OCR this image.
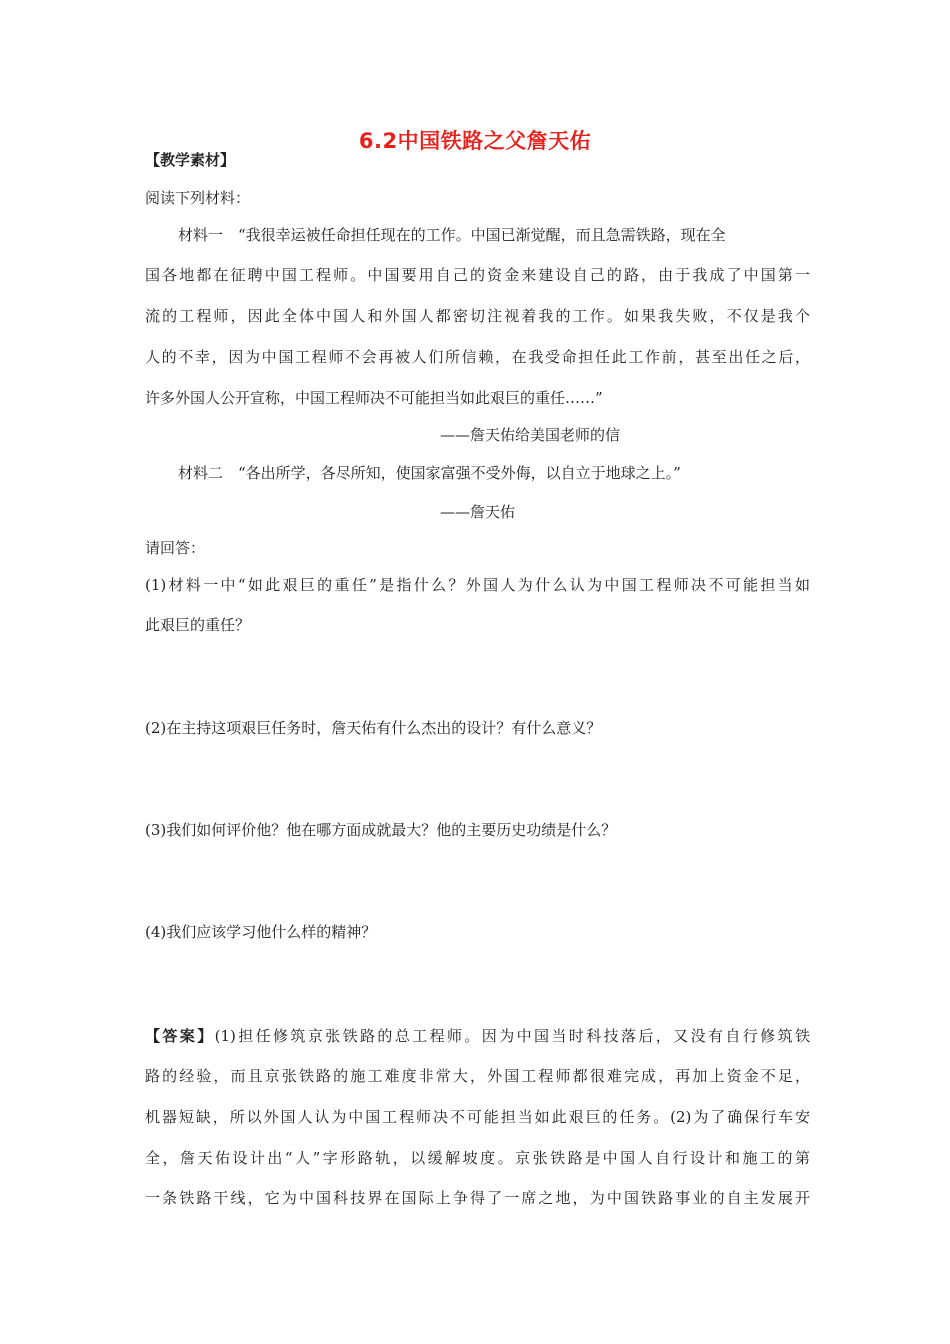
6.2中国铁路之父詹天佑
【教学素材】
阅读下列材料：
材料一　“我很幸运被任命担任现在的工作。中国已渐觉醒，而且急需铁路，现在全
国各地都在征聘中国工程师。中国要用自己的资金来建设自己的路，由于我成了中国第一
流的工程师，因此全体中国人和外国人都密切注视着我的工作。如果我失败，不仅是我个
人的不幸，因为中国工程师不会再被人们所信赖，在我受命担任此工作前，甚至出任之后，
许多外国人公开宣称，中国工程师决不可能担当如此艰巨的重任……”
——詹天佑给美国老师的信
材料二　“各出所学，各尽所知，使国家富强不受外侮，以自立于地球之上。”
——詹天佑
请回答：
(1)材料一中“如此艰巨的重任”是指什么？外国人为什么认为中国工程师决不可能担当如
此艰巨的重任？
(2)在主持这项艰巨任务时，詹天佑有什么杰出的设计？有什么意义？
(3)我们如何评价他？他在哪方面成就最大？他的主要历史功绩是什么？
(4)我们应该学习他什么样的精神？
【答案】(1)担任修筑京张铁路的总工程师。因为中国当时科技落后，又没有自行修筑铁
路的经验，而且京张铁路的施工难度非常大，外国工程师都很难完成，再加上资金不足，
机器短缺，所以外国人认为中国工程师决不可能担当如此艰巨的任务。(2)为了确保行车安
全，詹天佑设计出“人”字形路轨，以缓解坡度。京张铁路是中国人自行设计和施工的第
一条铁路干线，它为中国科技界在国际上争得了一席之地，为中国铁路事业的自主发展开
